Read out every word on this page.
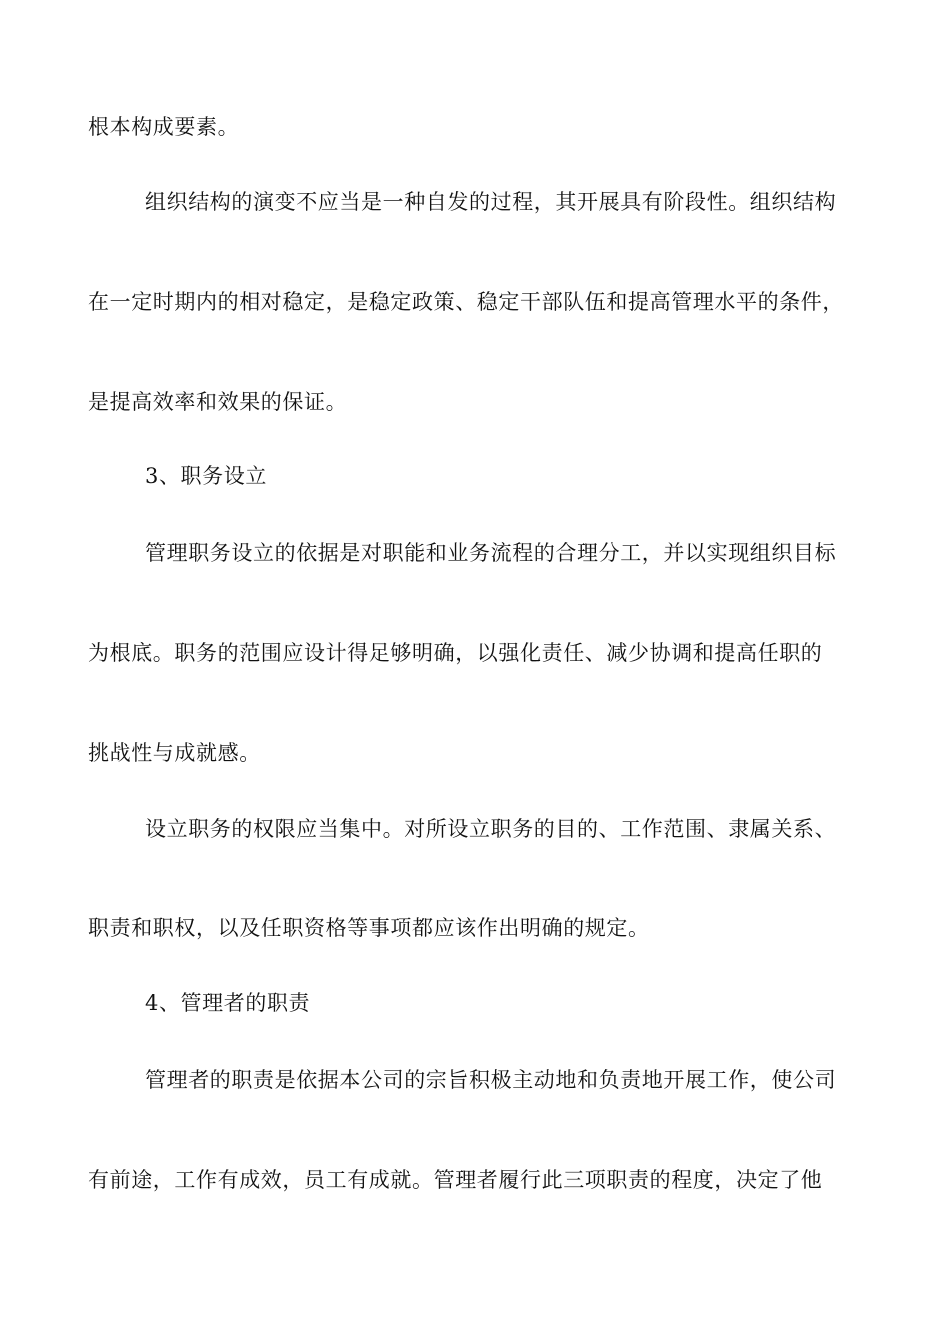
根本构成要素。
组织结构的演变不应当是一种自发的过程，其开展具有阶段性。组织结构
在一定时期内的相对稳定，是稳定政策、稳定干部队伍和提高管理水平的条件，
是提高效率和效果的保证。
3、职务设立
管理职务设立的依据是对职能和业务流程的合理分工，并以实现组织目标
为根底。职务的范围应设计得足够明确，以强化责任、减少协调和提高任职的
挑战性与成就感。
设立职务的权限应当集中。对所设立职务的目的、工作范围、隶属关系、
职责和职权，以及任职资格等事项都应该作出明确的规定。
4、管理者的职责
管理者的职责是依据本公司的宗旨积极主动地和负责地开展工作，使公司
有前途，工作有成效，员工有成就。管理者履行此三项职责的程度，决定了他
